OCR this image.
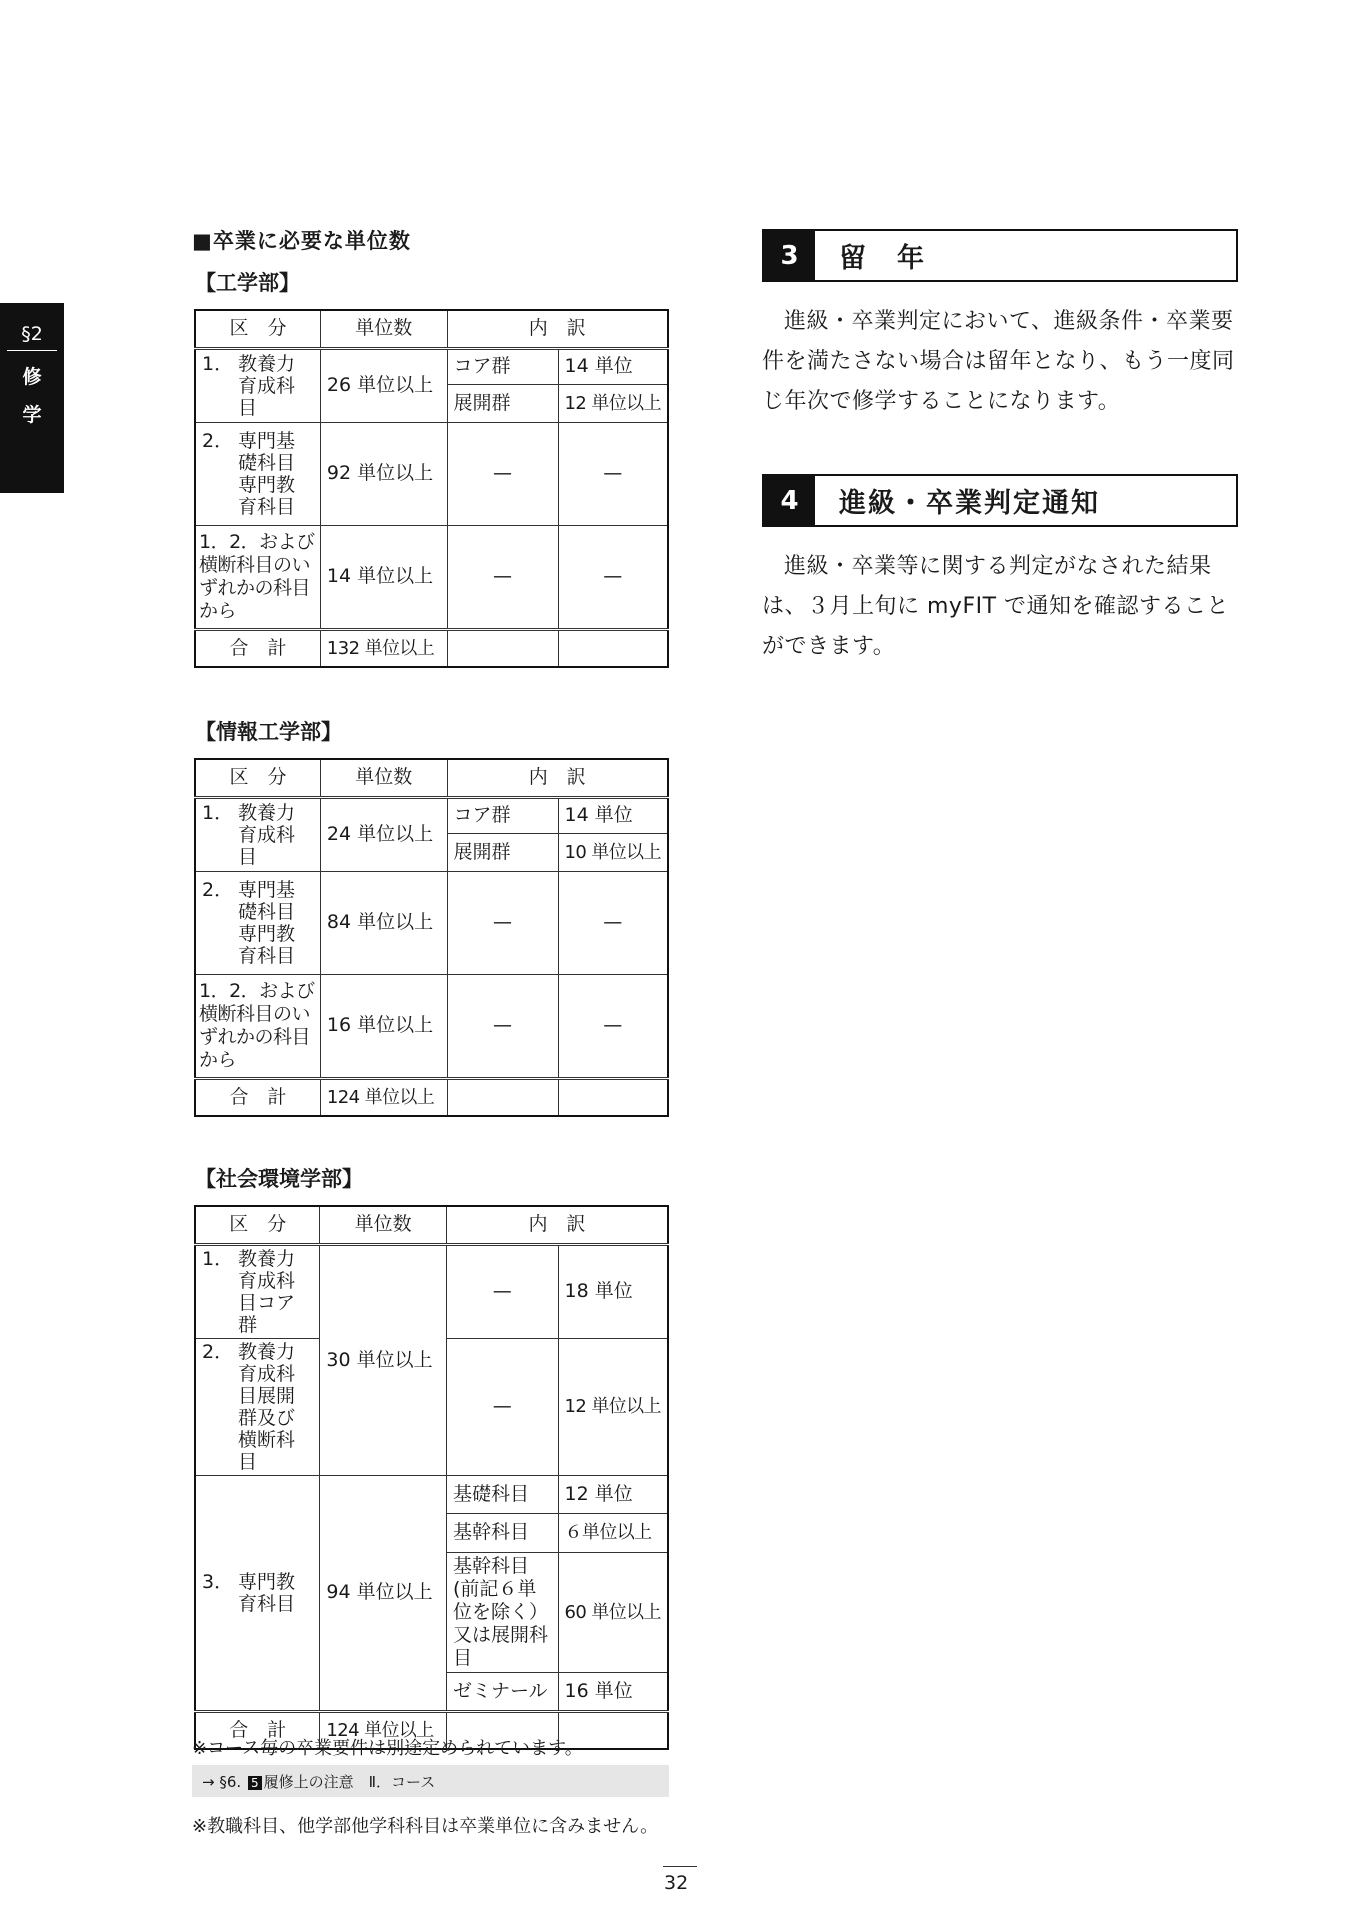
§2
修
学
■卒業に必要な単位数
【工学部】
区　分	単位数	内　訳	

1． 教養力育成科目	26 単位以上	コア群	14 単位
		展開群	12 単位以上

2． 専門基礎科目専門教育科目	92 単位以上	—	—
1．2．および横断科目のいずれかの科目から	14 単位以上	—	—
合　計	132 単位以上		
【情報工学部】
区　分	単位数	内　訳	

1． 教養力育成科目	24 単位以上	コア群	14 単位
		展開群	10 単位以上

2． 専門基礎科目専門教育科目	84 単位以上	—	—
1．2．および横断科目のいずれかの科目から	16 単位以上	—	—
合　計	124 単位以上		
【社会環境学部】
区　分	単位数	内　訳	

1． 教養力育成科目コア群	30 単位以上	—	18 単位

2． 教養力育成科目展開群及び横断科目		—	12 単位以上

3． 専門教育科目	94 単位以上	基礎科目	12 単位
		基幹科目	６単位以上
		基幹科目(前記６単位を除く）又は展開科目	60 単位以上
		ゼミナール	16 単位
合　計	124 単位以上		
※コース毎の卒業要件は別途定められています。
→ §6. 5 履修上の注意　Ⅱ．コース
※教職科目、他学部他学科科目は卒業単位に含みません。
3	留　年
進級・卒業判定において、進級条件・卒業要件を満たさない場合は留年となり、もう一度同じ年次で修学することになります。
4	進級・卒業判定通知
進級・卒業等に関する判定がなされた結果は、３月上旬に myFIT で通知を確認することができます。
32
